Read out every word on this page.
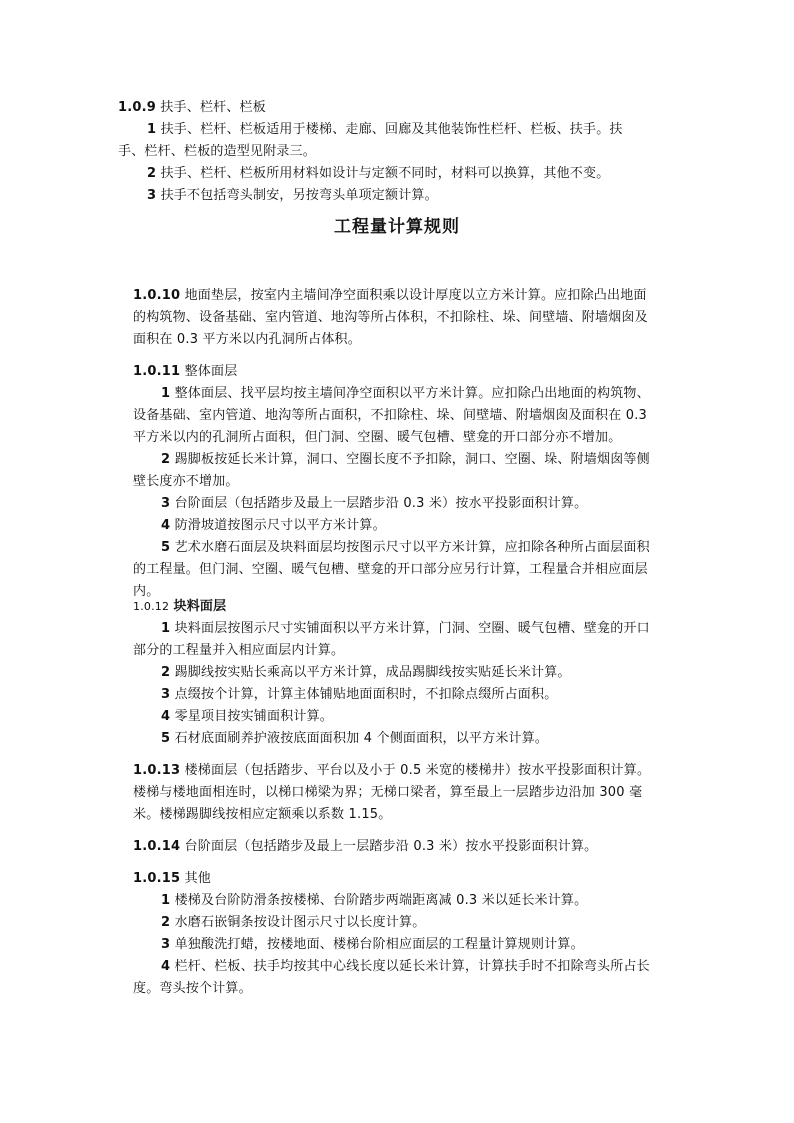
1.0.9 扶手、栏杆、栏板
1 扶手、栏杆、栏板适用于楼梯、走廊、回廊及其他装饰性栏杆、栏板、扶手。扶
手、栏杆、栏板的造型见附录三。
2 扶手、栏杆、栏板所用材料如设计与定额不同时，材料可以换算，其他不变。
3 扶手不包括弯头制安，另按弯头单项定额计算。
工程量计算规则
1.0.10 地面垫层，按室内主墙间净空面积乘以设计厚度以立方米计算。应扣除凸出地面
的构筑物、设备基础、室内管道、地沟等所占体积，不扣除柱、垛、间壁墙、附墙烟囱及
面积在 0.3 平方米以内孔洞所占体积。
1.0.11 整体面层
1 整体面层、找平层均按主墙间净空面积以平方米计算。应扣除凸出地面的构筑物、
设备基础、室内管道、地沟等所占面积，不扣除柱、垛、间壁墙、附墙烟囱及面积在 0.3
平方米以内的孔洞所占面积，但门洞、空圈、暖气包槽、壁龛的开口部分亦不增加。
2 踢脚板按延长米计算，洞口、空圈长度不予扣除，洞口、空圈、垛、附墙烟囱等侧
壁长度亦不增加。
3 台阶面层（包括踏步及最上一层踏步沿 0.3 米）按水平投影面积计算。
4 防滑坡道按图示尺寸以平方米计算。
5 艺术水磨石面层及块料面层均按图示尺寸以平方米计算，应扣除各种所占面层面积
的工程量。但门洞、空圈、暖气包槽、壁龛的开口部分应另行计算，工程量合并相应面层
内。
1.0.12 块料面层
1 块料面层按图示尺寸实铺面积以平方米计算，门洞、空圈、暖气包槽、壁龛的开口
部分的工程量并入相应面层内计算。
2 踢脚线按实贴长乘高以平方米计算，成品踢脚线按实贴延长米计算。
3 点缀按个计算，计算主体铺贴地面面积时，不扣除点缀所占面积。
4 零星项目按实铺面积计算。
5 石材底面刷养护液按底面面积加 4 个侧面面积，以平方米计算。
1.0.13 楼梯面层（包括踏步、平台以及小于 0.5 米宽的楼梯井）按水平投影面积计算。
楼梯与楼地面相连时，以梯口梯梁为界；无梯口梁者，算至最上一层踏步边沿加 300 毫
米。楼梯踢脚线按相应定额乘以系数 1.15。
1.0.14 台阶面层（包括踏步及最上一层踏步沿 0.3 米）按水平投影面积计算。
1.0.15 其他
1 楼梯及台阶防滑条按楼梯、台阶踏步两端距离减 0.3 米以延长米计算。
2 水磨石嵌铜条按设计图示尺寸以长度计算。
3 单独酸洗打蜡，按楼地面、楼梯台阶相应面层的工程量计算规则计算。
4 栏杆、栏板、扶手均按其中心线长度以延长米计算，计算扶手时不扣除弯头所占长
度。弯头按个计算。
